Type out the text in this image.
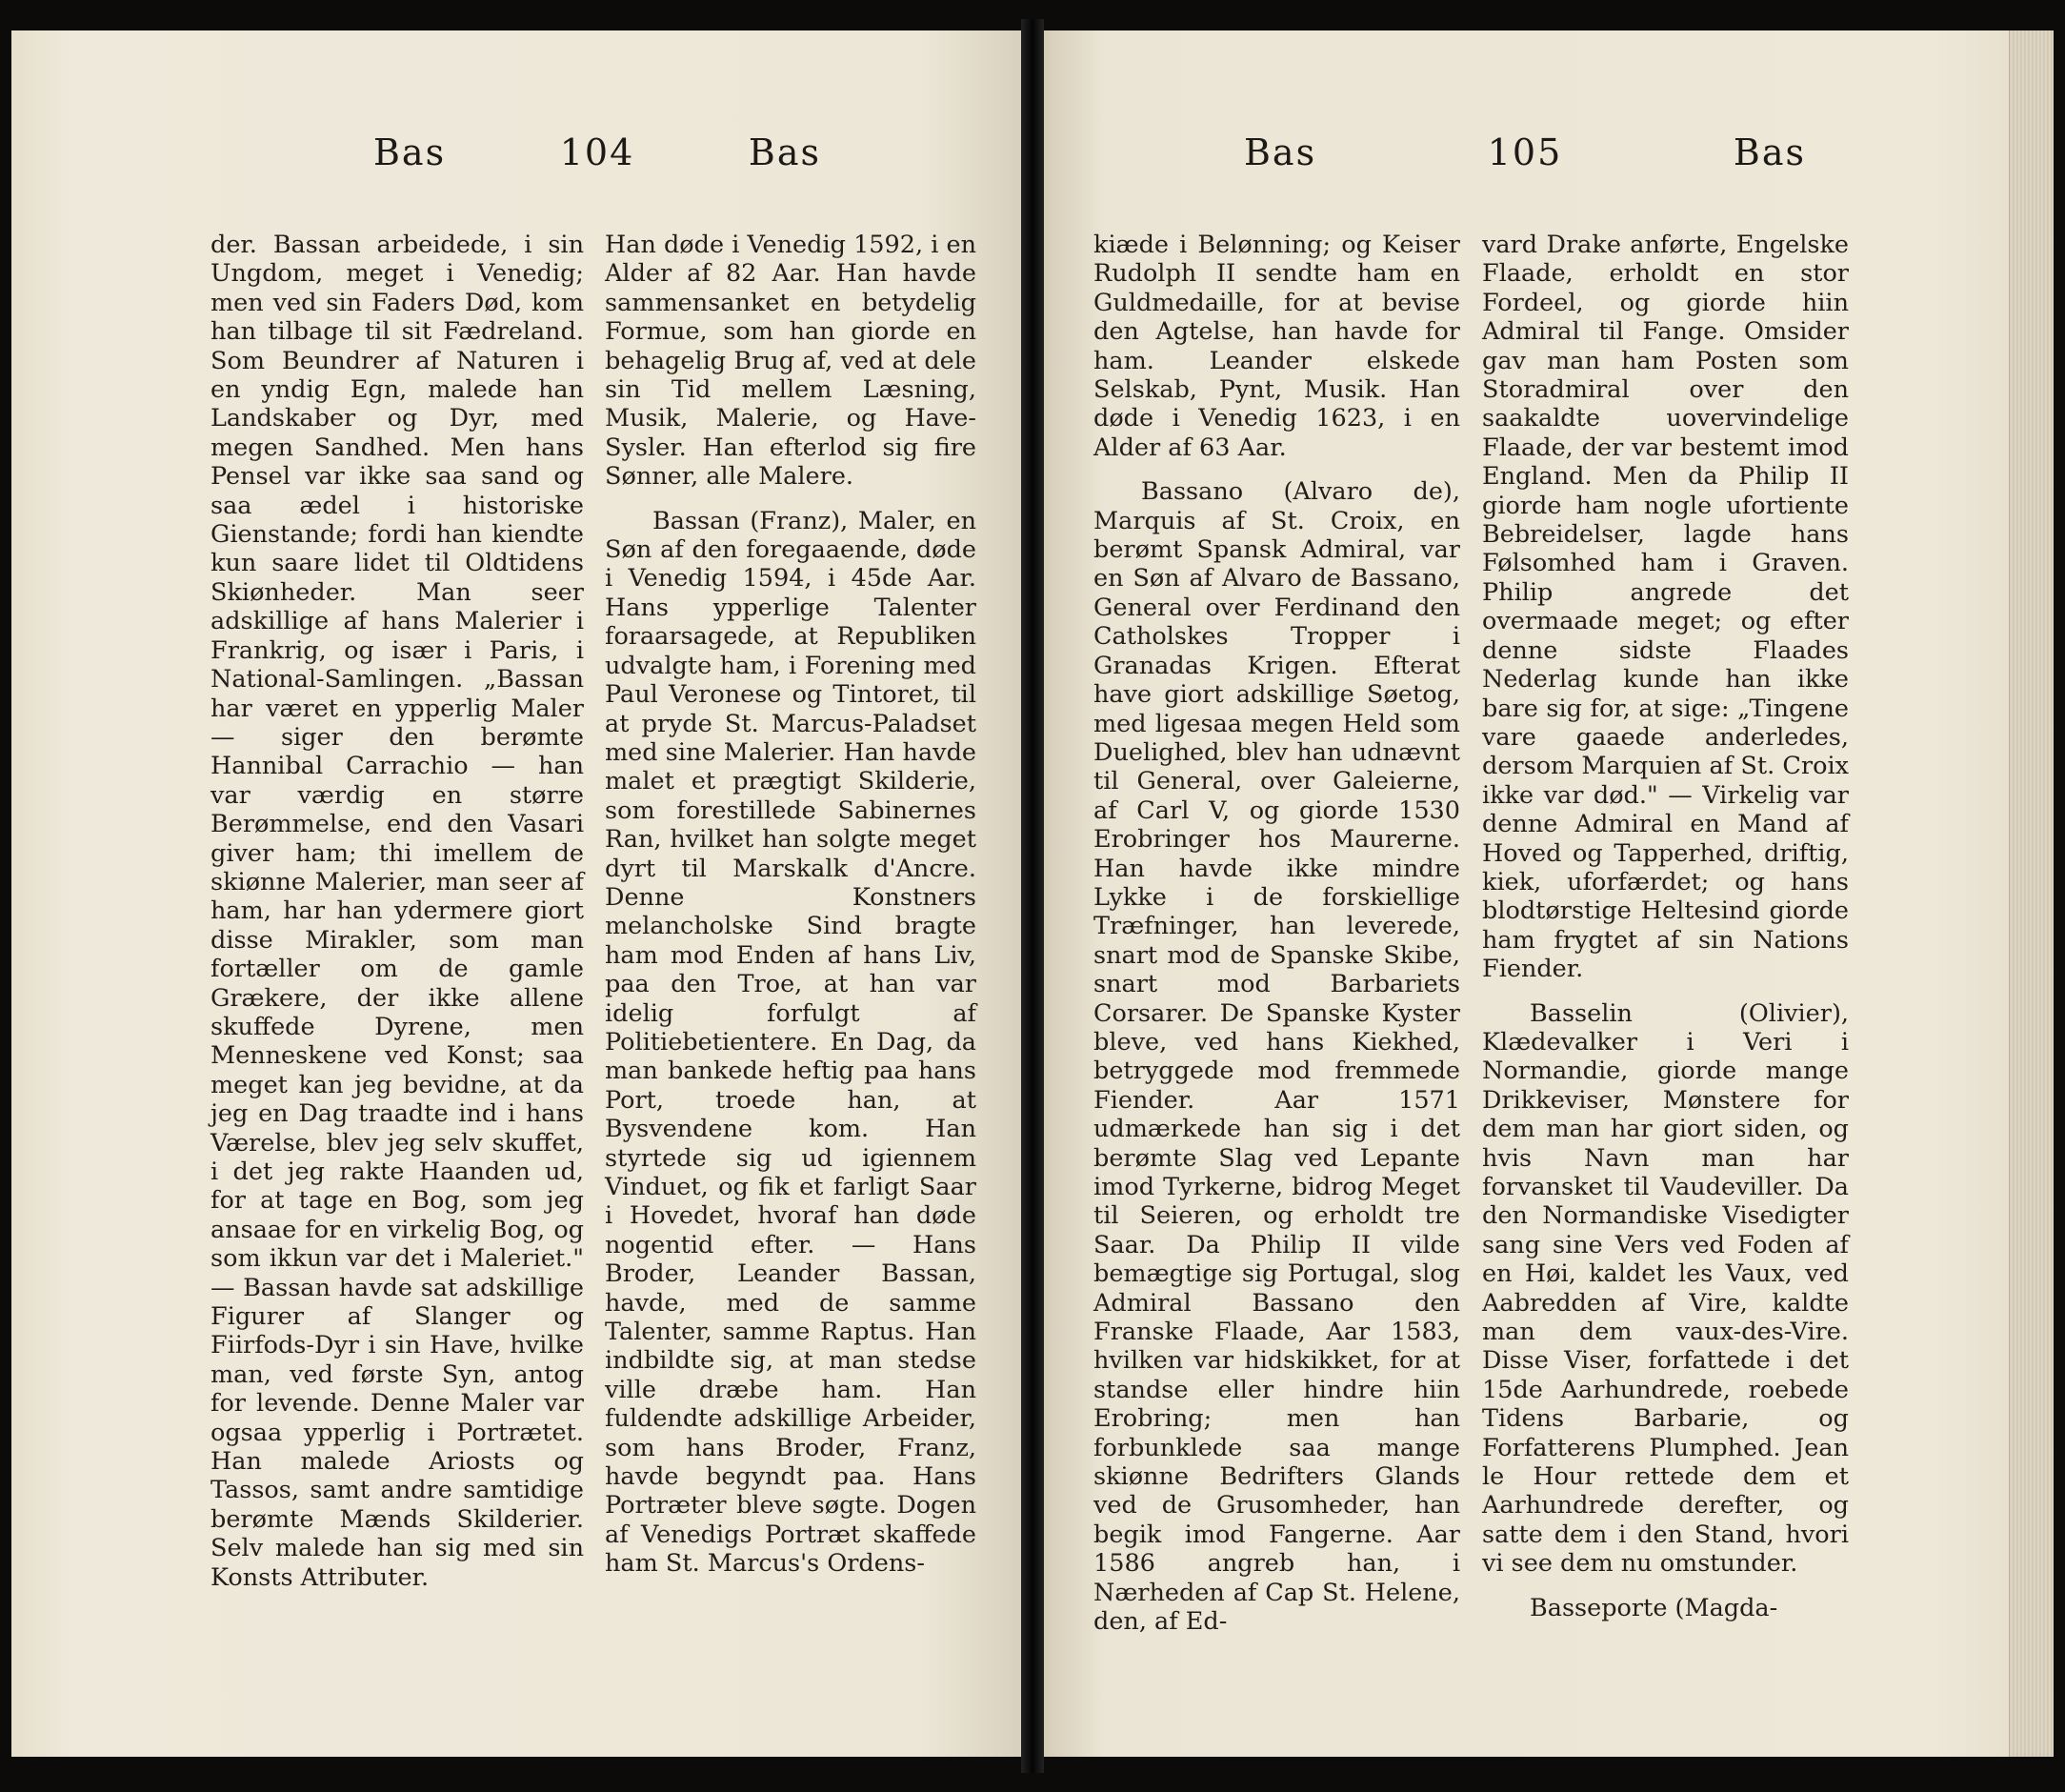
Bas	104	Bas

der. Bassan arbeidede, i sin Ungdom, meget i Venedig; men ved sin Faders Død, kom han tilbage til sit Fædreland. Som Beundrer af Naturen i en yndig Egn, malede han Landskaber og Dyr, med megen Sandhed. Men hans Pensel var ikke saa sand og saa ædel i historiske Gienstande; fordi han kiendte kun saare lidet til Oldtidens Skiønheder. Man seer adskillige af hans Malerier i Frankrig, og især i Paris, i National-Samlingen. „Bassan har været en ypperlig Maler — siger den berømte Hannibal Carrachio — han var værdig en større Berømmelse, end den Vasari giver ham; thi imellem de skiønne Malerier, man seer af ham, har han ydermere giort disse Mirakler, som man fortæller om de gamle Grækere, der ikke allene skuffede Dyrene, men Menneskene ved Konst; saa meget kan jeg bevidne, at da jeg en Dag traadte ind i hans Værelse, blev jeg selv skuffet, i det jeg rakte Haanden ud, for at tage en Bog, som jeg ansaae for en virkelig Bog, og som ikkun var det i Maleriet." — Bassan havde sat adskillige Figurer af Slanger og Fiirfods-Dyr i sin Have, hvilke man, ved første Syn, antog for levende. Denne Maler var ogsaa ypperlig i Portrætet. Han malede Ariosts og Tassos, samt andre samtidige berømte Mænds Skilderier. Selv malede han sig med sin Konsts Attributer.

Han døde i Venedig 1592, i en Alder af 82 Aar. Han havde sammensanket en betydelig Formue, som han giorde en behagelig Brug af, ved at dele sin Tid mellem Læsning, Musik, Malerie, og Have-Sysler. Han efterlod sig fire Sønner, alle Malere.

Bassan (Franz), Maler, en Søn af den foregaaende, døde i Venedig 1594, i 45de Aar. Hans ypperlige Talenter foraarsagede, at Republiken udvalgte ham, i Forening med Paul Veronese og Tintoret, til at pryde St. Marcus-Paladset med sine Malerier. Han havde malet et prægtigt Skilderie, som forestillede Sabinernes Ran, hvilket han solgte meget dyrt til Marskalk d'Ancre. Denne Konstners melancholske Sind bragte ham mod Enden af hans Liv, paa den Troe, at han var idelig forfulgt af Politiebetientere. En Dag, da man bankede heftig paa hans Port, troede han, at Bysvendene kom. Han styrtede sig ud igiennem Vinduet, og fik et farligt Saar i Hovedet, hvoraf han døde nogentid efter. — Hans Broder, Leander Bassan, havde, med de samme Talenter, samme Raptus. Han indbildte sig, at man stedse ville dræbe ham. Han fuldendte adskillige Arbeider, som hans Broder, Franz, havde begyndt paa. Hans Portræter bleve søgte. Dogen af Venedigs Portræt skaffede ham St. Marcus's Ordens-

Bas	105	Bas

kiæde i Belønning; og Keiser Rudolph II sendte ham en Guldmedaille, for at bevise den Agtelse, han havde for ham. Leander elskede Selskab, Pynt, Musik. Han døde i Venedig 1623, i en Alder af 63 Aar.

Bassano (Alvaro de), Marquis af St. Croix, en berømt Spansk Admiral, var en Søn af Alvaro de Bassano, General over Ferdinand den Catholskes Tropper i Granadas Krigen. Efterat have giort adskillige Søetog, med ligesaa megen Held som Duelighed, blev han udnævnt til General, over Galeierne, af Carl V, og giorde 1530 Erobringer hos Maurerne. Han havde ikke mindre Lykke i de forskiellige Træfninger, han leverede, snart mod de Spanske Skibe, snart mod Barbariets Corsarer. De Spanske Kyster bleve, ved hans Kiekhed, betryggede mod fremmede Fiender. Aar 1571 udmærkede han sig i det berømte Slag ved Lepante imod Tyrkerne, bidrog Meget til Seieren, og erholdt tre Saar. Da Philip II vilde bemægtige sig Portugal, slog Admiral Bassano den Franske Flaade, Aar 1583, hvilken var hidskikket, for at standse eller hindre hiin Erobring; men han forbunklede saa mange skiønne Bedrifters Glands ved de Grusomheder, han begik imod Fangerne. Aar 1586 angreb han, i Nærheden af Cap St. Helene, den, af Ed-

vard Drake anførte, Engelske Flaade, erholdt en stor Fordeel, og giorde hiin Admiral til Fange. Omsider gav man ham Posten som Storadmiral over den saakaldte uovervindelige Flaade, der var bestemt imod England. Men da Philip II giorde ham nogle ufortiente Bebreidelser, lagde hans Følsomhed ham i Graven. Philip angrede det overmaade meget; og efter denne sidste Flaades Nederlag kunde han ikke bare sig for, at sige: „Tingene vare gaaede anderledes, dersom Marquien af St. Croix ikke var død." — Virkelig var denne Admiral en Mand af Hoved og Tapperhed, driftig, kiek, uforfærdet; og hans blodtørstige Heltesind giorde ham frygtet af sin Nations Fiender.

Basselin (Olivier), Klædevalker i Veri i Normandie, giorde mange Drikkeviser, Mønstere for dem man har giort siden, og hvis Navn man har forvansket til Vaudeviller. Da den Normandiske Visedigter sang sine Vers ved Foden af en Høi, kaldet les Vaux, ved Aabredden af Vire, kaldte man dem vaux-des-Vire. Disse Viser, forfattede i det 15de Aarhundrede, roebede Tidens Barbarie, og Forfatterens Plumphed. Jean le Hour rettede dem et Aarhundrede derefter, og satte dem i den Stand, hvori vi see dem nu omstunder.

Basseporte (Magda-
